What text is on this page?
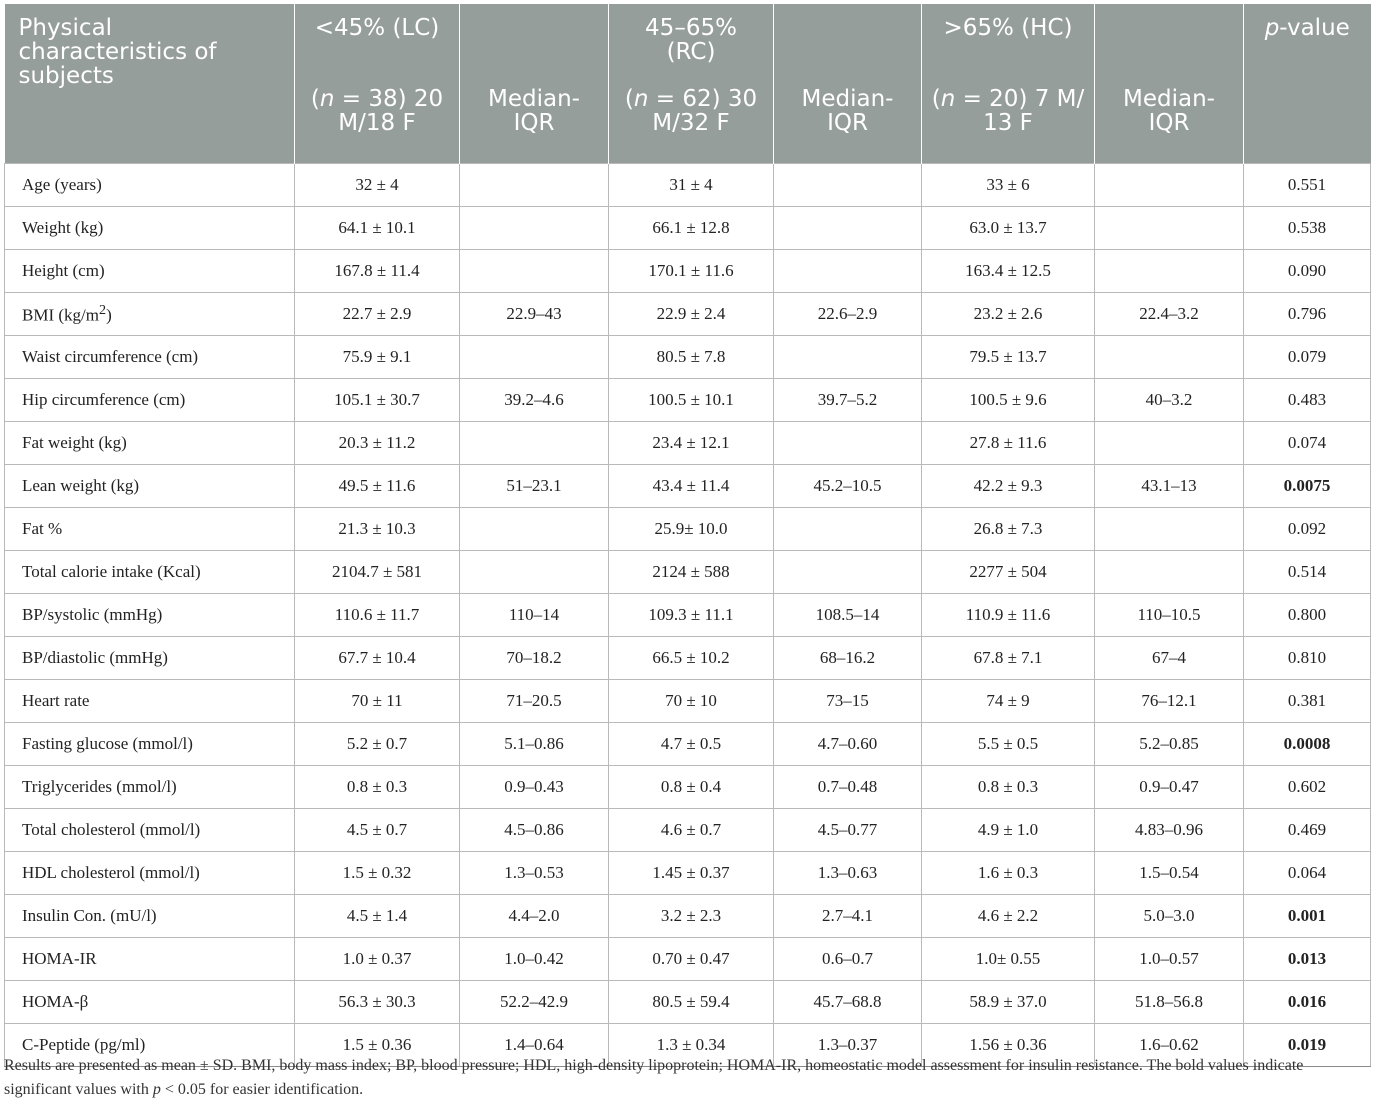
Physical characteristics of subjects	<45% (LC)		45–65% (RC)		>65% (HC)		p-value
	(n = 38) 20 M/18 F	Median-IQR	(n = 62) 30 M/32 F	Median-IQR	(n = 20) 7 M/ 13 F	Median-IQR	
Age (years)	32 ± 4		31 ± 4		33 ± 6		0.551
Weight (kg)	64.1 ± 10.1		66.1 ± 12.8		63.0 ± 13.7		0.538
Height (cm)	167.8 ± 11.4		170.1 ± 11.6		163.4 ± 12.5		0.090
BMI $(kg/m^2)$	22.7 ± 2.9	22.9–43	22.9 ± 2.4	22.6–2.9	23.2 ± 2.6	22.4–3.2	0.796
Waist circumference (cm)	75.9 ± 9.1		80.5 ± 7.8		79.5 ± 13.7		0.079
Hip circumference (cm)	105.1 ± 30.7	39.2–4.6	100.5 ± 10.1	39.7–5.2	100.5 ± 9.6	40–3.2	0.483
Fat weight (kg)	20.3 ± 11.2		23.4 ± 12.1		27.8 ± 11.6		0.074
Lean weight (kg)	49.5 ± 11.6	51–23.1	43.4 ± 11.4	45.2–10.5	42.2 ± 9.3	43.1–13	0.0075
Fat %	21.3 ± 10.3		25.9± 10.0		26.8 ± 7.3		0.092
Total calorie intake (Kcal)	2104.7 ± 581		2124 ± 588		2277 ± 504		0.514
BP/systolic (mmHg)	110.6 ± 11.7	110–14	109.3 ± 11.1	108.5–14	110.9 ± 11.6	110–10.5	0.800
BP/diastolic (mmHg)	67.7 ± 10.4	70–18.2	66.5 ± 10.2	68–16.2	67.8 ± 7.1	67–4	0.810
Heart rate	70 ± 11	71–20.5	70 ± 10	73–15	74 ± 9	76–12.1	0.381
Fasting glucose (mmol/l)	5.2 ± 0.7	5.1–0.86	4.7 ± 0.5	4.7–0.60	5.5 ± 0.5	5.2–0.85	0.0008
Triglycerides (mmol/l)	0.8 ± 0.3	0.9–0.43	0.8 ± 0.4	0.7–0.48	0.8 ± 0.3	0.9–0.47	0.602
Total cholesterol (mmol/l)	4.5 ± 0.7	4.5–0.86	4.6 ± 0.7	4.5–0.77	4.9 ± 1.0	4.83–0.96	0.469
HDL cholesterol (mmol/l)	1.5 ± 0.32	1.3–0.53	1.45 ± 0.37	1.3–0.63	1.6 ± 0.3	1.5–0.54	0.064
Insulin Con. (mU/l)	4.5 ± 1.4	4.4–2.0	3.2 ± 2.3	2.7–4.1	4.6 ± 2.2	5.0–3.0	0.001
HOMA-IR	1.0 ± 0.37	1.0–0.42	0.70 ± 0.47	0.6–0.7	1.0± 0.55	1.0–0.57	0.013
HOMA-β	56.3 ± 30.3	52.2–42.9	80.5 ± 59.4	45.7–68.8	58.9 ± 37.0	51.8–56.8	0.016
C-Peptide (pg/ml)	1.5 ± 0.36	1.4–0.64	1.3 ± 0.34	1.3–0.37	1.56 ± 0.36	1.6–0.62	0.019
Results are presented as mean ± SD. BMI, body mass index; BP, blood pressure; HDL, high-density lipoprotein; HOMA-IR, homeostatic model assessment for insulin resistance. The bold values indicate significant values with p < 0.05 for easier identification.
